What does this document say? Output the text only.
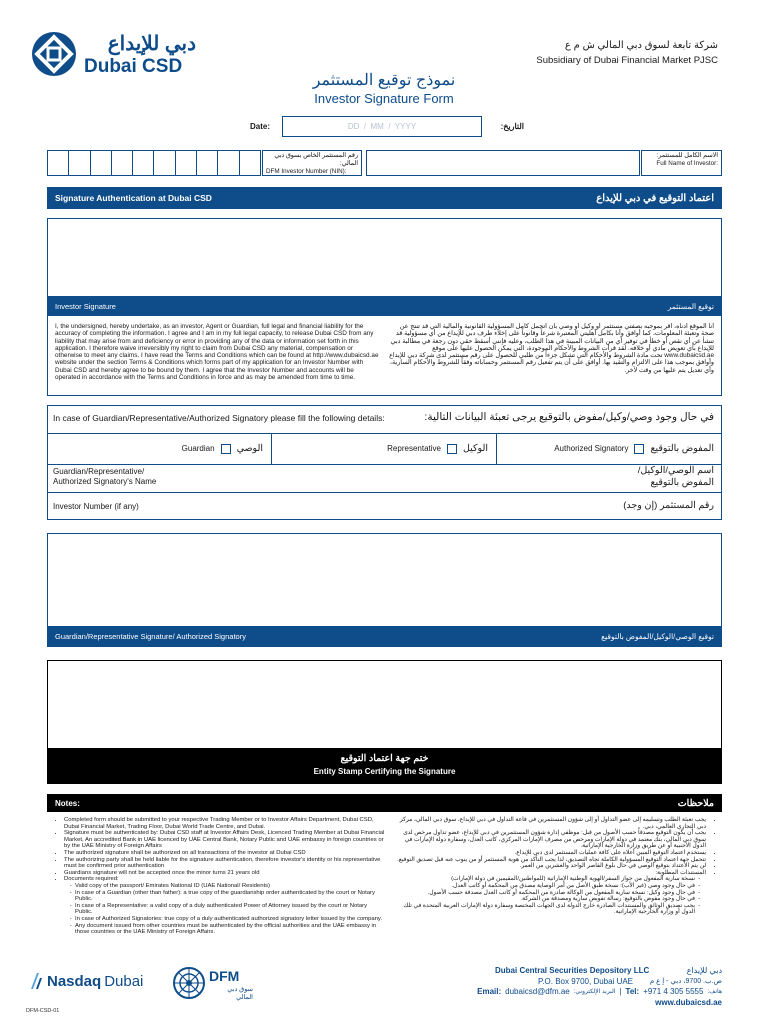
دبي للإيداع
Dubai CSD
شركة تابعة لسوق دبي المالي ش م ع
Subsidiary of Dubai Financial Market PJSC
نموذج توقيع المستثمر
Investor Signature Form
Date:	DD  /  MM  /  YYYY	التاريخ:
رقم المستثمر الخاص بسوق دبي المالي:
DFM Investor Number (NIN):
الاسم الكامل للمستثمر:
Full Name of Investor:
Signature Authentication at Dubai CSD	اعتماد التوقيع في دبي للإيداع
Investor Signature	توقيع المستثمر
I, the undersigned, hereby undertake, as an investor, Agent or Guardian, full legal and financial liability for the accuracy of completing the information. I agree and I am in my full legal capacity, to release Dubai CSD from any liability that may arise from and deficiency or error in providing any of the data or information set forth in this application. I therefore waive irreversibly my right to claim from Dubai CSD any material, compensation or otherwise to meet any claims. I have read the Terms and Conditions which can be found at http://www.dubaicsd.ae website under the section Terms & Conditions which forms part of my application for an Investor Number with Dubai CSD and hereby agree to be bound by them. I agree that the Investor Number and accounts will be operated in accordance with the Terms and Conditions in force and as may be amended from time to time.
أنا الموقع أدناه، أقر بموجبه بصفتي مستثمر أو وكيل أو وصي بأن أتحمل كامل المسؤولية القانونية والمالية التي قد تنتج عن صحة وتعبئة المعلومات، كما أوافق وأنا بكامل أهليتي المعتبرة شرعاً وقانوناً على إخلاء طرف دبي للإيداع من أي مسؤولية قد تنشأ عن أي نقص أو خطأ في توفير أي من البيانات المبينة في هذا الطلب، وعليه فإنني أسقط حقي دون رجعة في مطالبة دبي للإيداع بأي تعويض مادي أو خلافه. لقد قرأت الشروط والأحكام الموجودة، التي يمكن الحصول عليها على موقع www.dubaicsd.ae تحت مادة الشروط والأحكام التي تشكل جزءاً من طلبي للحصول على رقم مستثمر لدى شركة دبي للإيداع وأوافق بموجب هذا على الالتزام والتقيد بها. أوافق على أن يتم تفعيل رقم المستثمر وحساباته وفقاً للشروط والأحكام السارية، وأي تعديل يتم عليها من وقت لآخر.
In case of Guardian/Representative/Authorized Signatory please fill the following details:	في حال وجود وصي/وكيل/مفوض بالتوقيع يرجى تعبئة البيانات التالية:
Guardian الوصي	Representative الوكيل	Authorized Signatory المفوض بالتوقيع
Guardian/Representative/
Authorized Signatory's Name
اسم الوصي/الوكيل/
المفوض بالتوقيع
Investor Number (if any)	رقم المستثمر (إن وجد)
Guardian/Representative Signature/ Authorized Signatory	توقيع الوصي/الوكيل/المفوض بالتوقيع
ختم جهة اعتماد التوقيع
Entity Stamp Certifying the Signature
Notes:	ملاحظات
• Completed form should be submitted to your respective Trading Member or to Investor Affairs Department, Dubai CSD, Dubai Financial Market, Trading Floor, Dubai World Trade Centre, and Dubai.
• Signature must be authenticated by: Dubai CSD staff at Investor Affairs Desk, Licenced Trading Member at Dubai Financial Market, An accredited Bank in UAE licenced by UAE Central Bank, Notary Public and UAE embassy in foreign countries or by the UAE Ministry of Foreign Affairs
• The authorized signature shall be authorized on all transactions of the investor at Dubai CSD
• The authorizing party shall be held liable for the signature authentication, therefore investor's identity or his representative must be confirmed prior authentication
• Guardians signature will not be accepted once the minor turns 21 years old
• Documents required:
- Valid copy of the passport/ Emirates National ID (UAE National/ Residents)
- In case of a Guardian (other than father): a true copy of the guardianship order authenticated by the court or Notary Public.
- In case of a Representative: a valid copy of a duly authenticated Power of Attorney issued by the court or Notary Public.
- In case of Authorized Signatories: true copy of a duly authenticated authorized signatory letter issued by the company.
- Any document issued from other countries must be authenticated by the official authorities and the UAE embassy in those countries or the UAE Ministry of Foreign Affairs.
• يجب تعبئة الطلب وتسليمه إلى عضو التداول أو إلى شؤون المستثمرين في قاعة التداول في دبي للإيداع، سوق دبي المالي، مركز دبي التجاري العالمي، دبي.
• يجب أن يكون التوقيع مصدقاً حسب الأصول من قبل: موظفي إدارة شؤون المستثمرين في دبي للإيداع، عضو تداول مرخص لدى سوق دبي المالي، بنك معتمد في دولة الإمارات ومرخص من مصرف الإمارات المركزي، كاتب العدل، وسفارة دولة الإمارات في الدول الأجنبية أو عن طريق وزارة الخارجية الإماراتية.
• يستخدم اعتماد التوقيع المبين أعلاه على كافة عمليات المستثمر لدى دبي للإيداع.
• تتحمل جهة اعتماد التوقيع المسؤولية الكاملة تجاه التصديق، لذا يجب التأكد من هوية المستثمر أو من ينوب عنه قبل تصديق التوقيع.
• لن يتم الاعتداد بتوقيع الوصي في حال بلوغ القاصر الواحد والعشرين من العمر.
• المستندات المطلوبة:
- نسخة سارية المفعول من جواز السفر/الهوية الوطنية الإماراتية (للمواطنين/المقيمين في دولة الإمارات)
- في حال وجود وصي (غير الأب): نسخة طبق الأصل من أمر الوصاية مصدق من المحكمة أو كاتب العدل.
- في حال وجود وكيل: نسخة سارية المفعول من الوكالة صادرة من المحكمة أو كاتب العدل مصدقة حسب الأصول.
- في حال وجود مفوض بالتوقيع: رسالة تفويض سارية ومصدقة من الشركة.
- يجب تصديق الوثائق والمستندات الصادرة خارج الدولة لدى الجهات المختصة وسفارة دولة الإمارات العربية المتحدة في تلك الدول أو وزارة الخارجية الإماراتية.
Nasdaq Dubai	DFM
سوق دبي المالي
Dubai Central Securities Depository LLC	دبي للإيداع
P.O. Box 9700, Dubai UAE ص.ب. 9700، دبي - إ ع م
Email: dubaicsd@dfm.ae البريد الإلكتروني: | Tel: +971 4 305 5555 هاتف:
www.dubaicsd.ae
DFM-CSD-01
